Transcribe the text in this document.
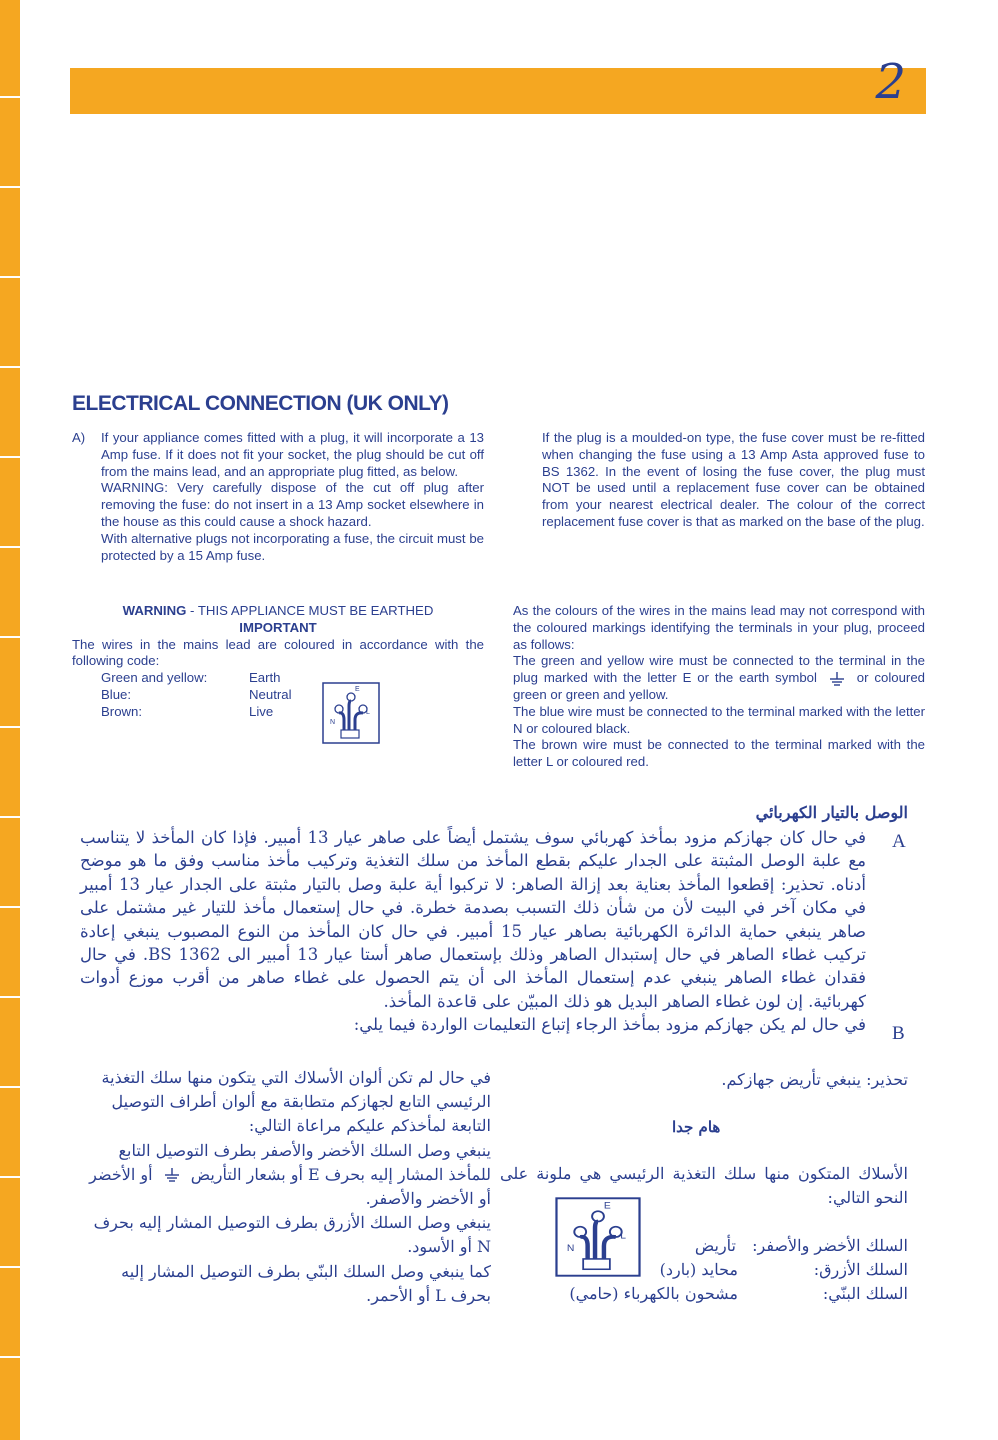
2
ELECTRICAL CONNECTION (UK ONLY)
A) If your appliance comes fitted with a plug, it will incorporate a 13 Amp fuse. If it does not fit your socket, the plug should be cut off from the mains lead, and an appropriate plug fitted, as below.

WARNING: Very carefully dispose of the cut off plug after removing the fuse: do not insert in a 13 Amp socket elsewhere in the house as this could cause a shock hazard.

With alternative plugs not incorporating a fuse, the circuit must be protected by a 15 Amp fuse.

If the plug is a moulded-on type, the fuse cover must be re-fitted when changing the fuse using a 13 Amp Asta approved fuse to BS 1362. In the event of losing the fuse cover, the plug must NOT be used until a replacement fuse cover can be obtained from your nearest electrical dealer. The colour of the correct replacement fuse cover is that as marked on the base of the plug.

WARNING - THIS APPLIANCE MUST BE EARTHED
IMPORTANT
The wires in the mains lead are coloured in accordance with the following code:
Green and yellow:	Earth
Blue:	Neutral
Brown:	Live
E
N
L

As the colours of the wires in the mains lead may not correspond with the coloured markings identifying the terminals in your plug, proceed as follows:

The green and yellow wire must be connected to the terminal in the plug marked with the letter E or the earth symbol	or coloured green or green and yellow.

The blue wire must be connected to the terminal marked with the letter N or coloured black.

The brown wire must be connected to the terminal marked with the letter L or coloured red.

الوصل بالتيار الكهربائي
A
B

في حال كان جهازكم مزود بمأخذ كهربائي سوف يشتمل أيضاً على صاهر عيار 13 أمبير. فإذا كان المأخذ لا يتناسب مع علبة الوصل المثبتة على الجدار عليكم بقطع المأخذ من سلك التغذية وتركيب مأخذ مناسب وفق ما هو موضح أدناه. تحذير: إقطعوا المأخذ بعناية بعد إزالة الصاهر: لا تركبوا أية علبة وصل بالتيار مثبتة على الجدار عيار 13 أمبير في مكان آخر في البيت لأن من شأن ذلك التسبب بصدمة خطرة. في حال إستعمال مأخذ للتيار غير مشتمل على صاهر ينبغي حماية الدائرة الكهربائية بصاهر عيار 15 أمبير. في حال كان المأخذ من النوع المصبوب ينبغي إعادة تركيب غطاء الصاهر في حال إستبدال الصاهر وذلك بإستعمال صاهر أستا عيار 13 أمبير الى BS 1362. في حال فقدان غطاء الصاهر ينبغي عدم إستعمال المأخذ الى أن يتم الحصول على غطاء صاهر من أقرب موزع أدوات كهربائية. إن لون غطاء الصاهر البديل هو ذلك المبيّن على قاعدة المأخذ.

في حال لم يكن جهازكم مزود بمأخذ الرجاء إتباع التعليمات الواردة فيما يلي:

في حال لم تكن ألوان الأسلاك التي يتكون منها سلك التغذية الرئيسي التابع لجهازكم متطابقة مع ألوان أطراف التوصيل التابعة لمأخذكم عليكم مراعاة التالي:

ينبغي وصل السلك الأخضر والأصفر بطرف التوصيل التابع للمأخذ المشار إليه بحرف E أو بشعار التأريض  أو الأخضر أو الأخضر والأصفر.

ينبغي وصل السلك الأزرق بطرف التوصيل المشار إليه بحرف N أو الأسود.

كما ينبغي وصل السلك البنّي بطرف التوصيل المشار إليه بحرف L أو الأحمر.

تحذير: ينبغي تأريض جهازكم.
هام جدا

الأسلاك المتكون منها سلك التغذية الرئيسي هي ملونة على النحو التالي:

السلك الأخضر والأصفر:
تأريض
السلك الأزرق:
محايد (بارد)
السلك البنّي:
مشحون بالكهرباء (حامي)
E
N
L
